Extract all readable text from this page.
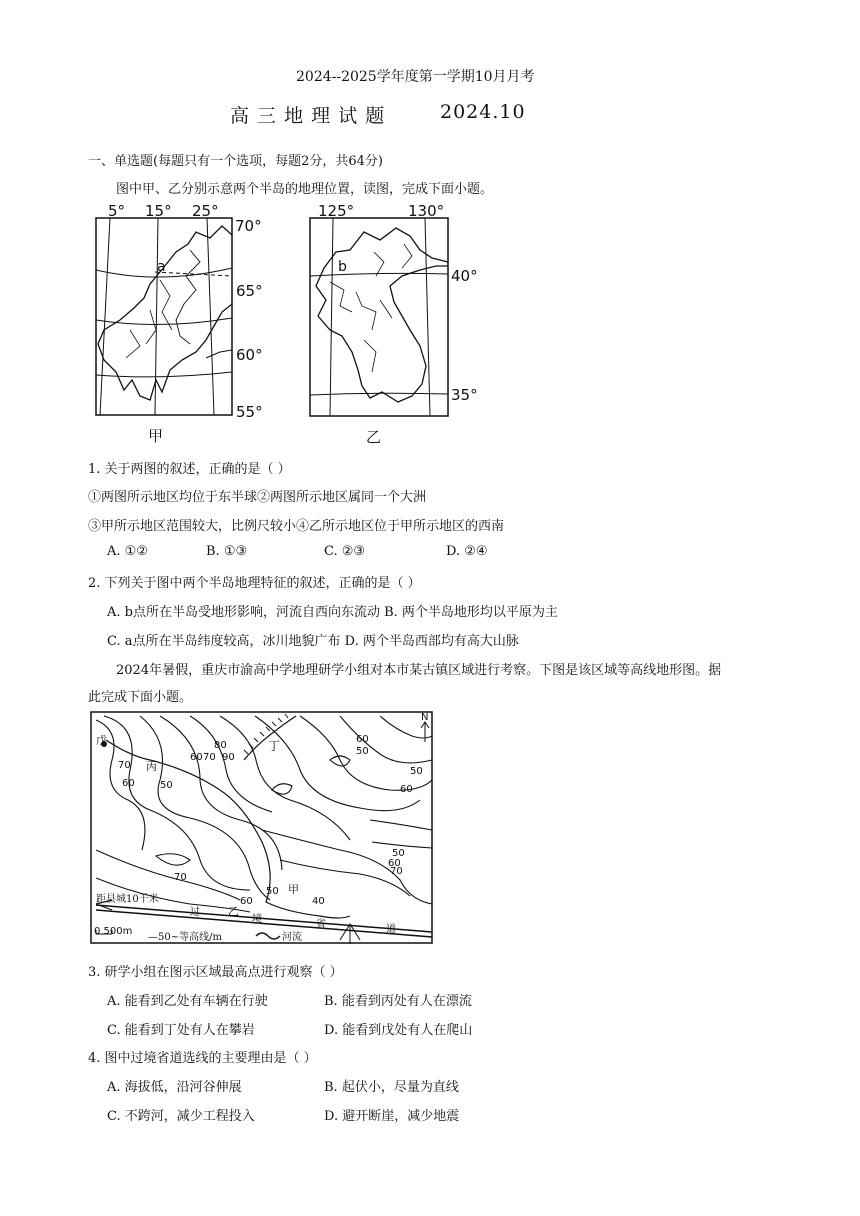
2024--2025学年度第一学期10月月考
高 三 地 理 试 题	2024.10
一、单选题(每题只有一个选项，每题2分，共64分)
图中甲、乙分别示意两个半岛的地理位置，读图，完成下面小题。
5° 15° 25°
70°
65°
60°
55°
a
甲
125°	130°
40°
35°
b
乙
1. 关于两图的叙述，正确的是（ ）
①两图所示地区均位于东半球②两图所示地区属同一个大洲
③甲所示地区范围较大，比例尺较小④乙所示地区位于甲所示地区的西南
A. ①②	B. ①③	C. ②③	D. ②④
2. 下列关于图中两个半岛地理特征的叙述，正确的是（ ）
A. b点所在半岛受地形影响，河流自西向东流动 B. 两个半岛地形均以平原为主
C. a点所在半岛纬度较高，冰川地貌广布 D. 两个半岛西部均有高大山脉
2024年暑假，重庆市渝高中学地理研学小组对本市某古镇区域进行考察。下图是该区域等高线地形图。据
此完成下面小题。
70
60	50
80
60 70 90
60
50
50
60
50
60
70
70
50
60	40
戊
丙
丁
甲
乙
N
距县城10千米
过
境	省	道
0 500m
—50~等高线/m	河流
3. 研学小组在图示区域最高点进行观察（ ）
A. 能看到乙处有车辆在行驶	B. 能看到丙处有人在漂流
C. 能看到丁处有人在攀岩	D. 能看到戊处有人在爬山
4. 图中过境省道选线的主要理由是（ ）
A. 海拔低，沿河谷伸展	B. 起伏小，尽量为直线
C. 不跨河，减少工程投入	D. 避开断崖，减少地震
